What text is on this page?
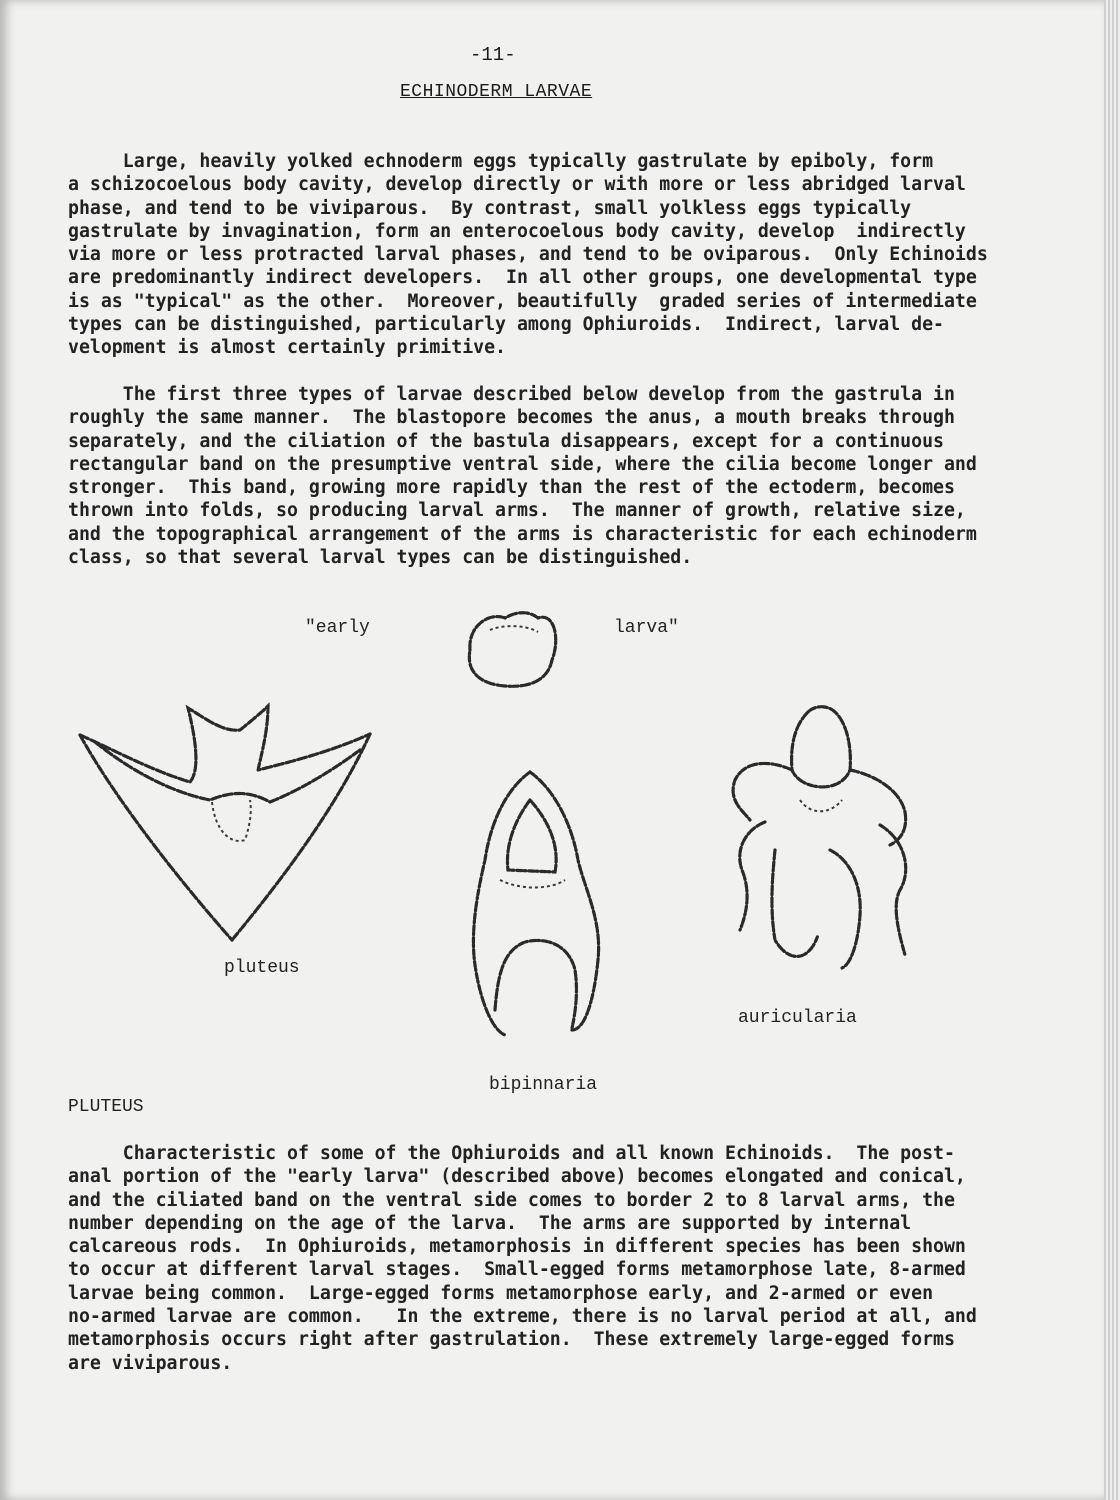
-11-
ECHINODERM LARVAE
Large, heavily yolked echnoderm eggs typically gastrulate by epiboly, form
a schizocoelous body cavity, develop directly or with more or less abridged larval
phase, and tend to be viviparous.  By contrast, small yolkless eggs typically
gastrulate by invagination, form an enterocoelous body cavity, develop  indirectly
via more or less protracted larval phases, and tend to be oviparous.  Only Echinoids
are predominantly indirect developers.  In all other groups, one developmental type
is as "typical" as the other.  Moreover, beautifully  graded series of intermediate
types can be distinguished, particularly among Ophiuroids.  Indirect, larval de-
velopment is almost certainly primitive.
The first three types of larvae described below develop from the gastrula in
roughly the same manner.  The blastopore becomes the anus, a mouth breaks through
separately, and the ciliation of the bastula disappears, except for a continuous
rectangular band on the presumptive ventral side, where the cilia become longer and
stronger.  This band, growing more rapidly than the rest of the ectoderm, becomes
thrown into folds, so producing larval arms.  The manner of growth, relative size,
and the topographical arrangement of the arms is characteristic for each echinoderm
class, so that several larval types can be distinguished.
"early	larva"
pluteus
auricularia
bipinnaria
PLUTEUS
Characteristic of some of the Ophiuroids and all known Echinoids.  The post-
anal portion of the "early larva" (described above) becomes elongated and conical,
and the ciliated band on the ventral side comes to border 2 to 8 larval arms, the
number depending on the age of the larva.  The arms are supported by internal
calcareous rods.  In Ophiuroids, metamorphosis in different species has been shown
to occur at different larval stages.  Small-egged forms metamorphose late, 8-armed
larvae being common.  Large-egged forms metamorphose early, and 2-armed or even
no-armed larvae are common.   In the extreme, there is no larval period at all, and
metamorphosis occurs right after gastrulation.  These extremely large-egged forms
are viviparous.
